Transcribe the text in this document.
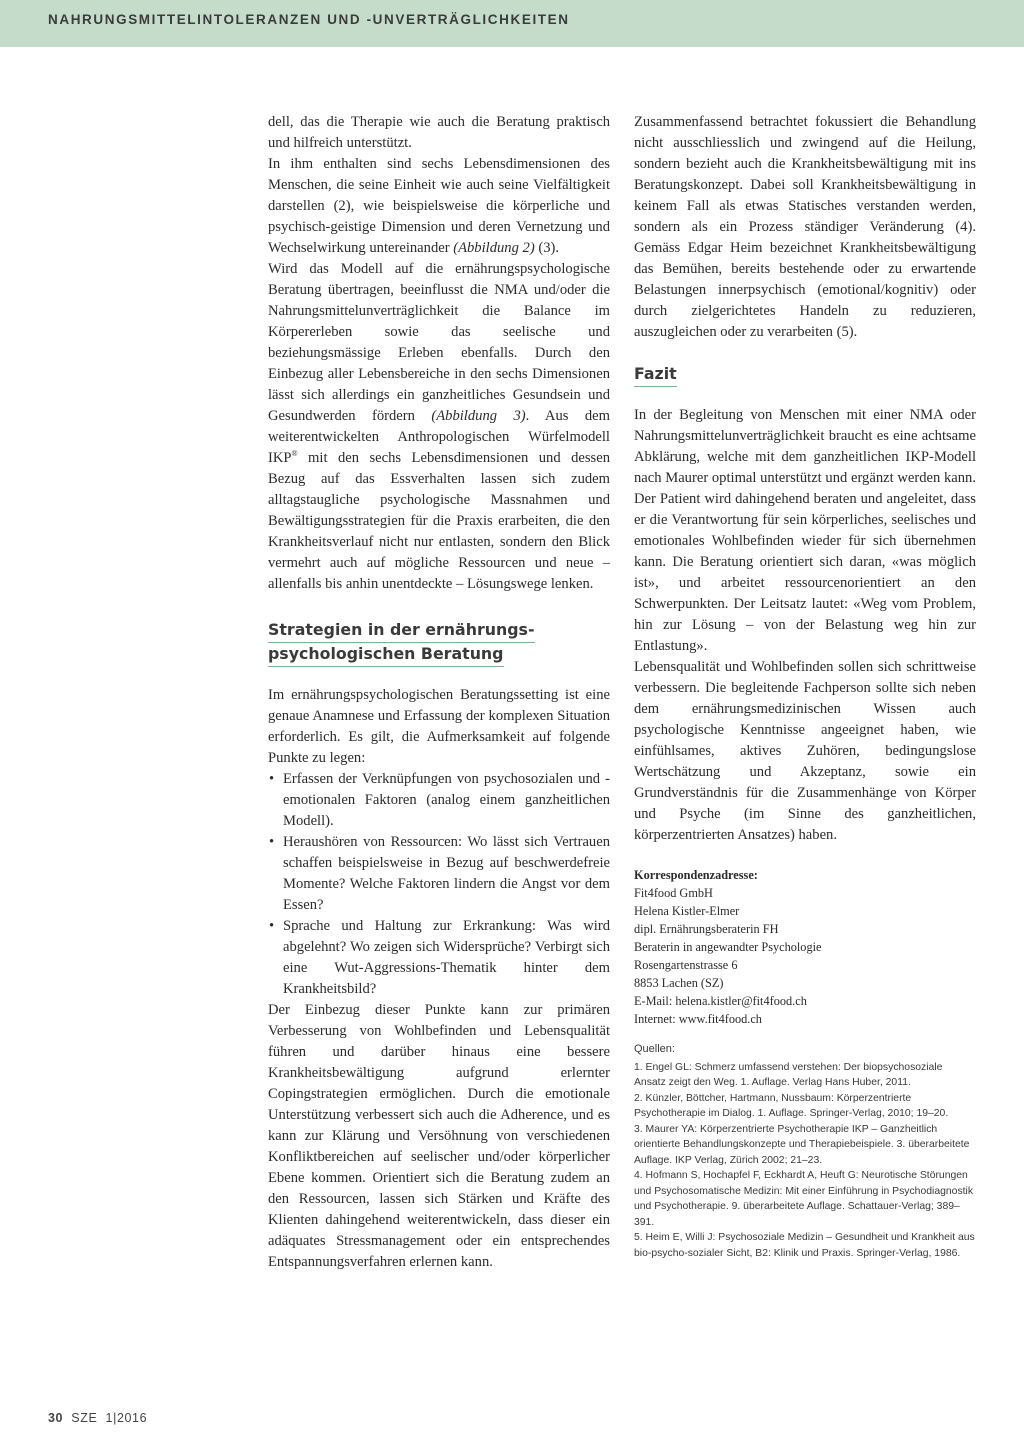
NAHRUNGSMITTELINTOLERANZEN UND -UNVERTRÄGLICHKEITEN

dell, das die Therapie wie auch die Beratung praktisch und hilfreich unterstützt.

In ihm enthalten sind sechs Lebensdimensionen des Menschen, die seine Einheit wie auch seine Vielfältigkeit darstellen (2), wie beispielsweise die körperliche und psychisch-geistige Dimension und deren Vernetzung und Wechselwirkung untereinander (Abbildung 2) (3).

Wird das Modell auf die ernährungspsychologische Beratung übertragen, beeinflusst die NMA und/oder die Nahrungsmittelunverträglichkeit die Balance im Körpererleben sowie das seelische und beziehungsmässige Erleben ebenfalls. Durch den Einbezug aller Lebensbereiche in den sechs Dimensionen lässt sich allerdings ein ganzheitliches Gesundsein und Gesundwerden fördern (Abbildung 3). Aus dem weiterentwickelten Anthropologischen Würfelmodell IKP® mit den sechs Lebensdimensionen und dessen Bezug auf das Essverhalten lassen sich zudem alltagstaugliche psychologische Massnahmen und Bewältigungsstrategien für die Praxis erarbeiten, die den Krankheitsverlauf nicht nur entlasten, sondern den Blick vermehrt auch auf mögliche Ressourcen und neue – allenfalls bis anhin unentdeckte – Lösungswege lenken.

Strategien in der ernährungs-
psychologischen Beratung

Im ernährungspsychologischen Beratungssetting ist eine genaue Anamnese und Erfassung der komplexen Situation erforderlich. Es gilt, die Aufmerksamkeit auf folgende Punkte zu legen:

• Erfassen der Verknüpfungen von psychosozialen und -emotionalen Faktoren (analog einem ganzheitlichen Modell).
• Heraushören von Ressourcen: Wo lässt sich Vertrauen schaffen beispielsweise in Bezug auf beschwerdefreie Momente? Welche Faktoren lindern die Angst vor dem Essen?
• Sprache und Haltung zur Erkrankung: Was wird abgelehnt? Wo zeigen sich Widersprüche? Verbirgt sich eine Wut-Aggressions-Thematik hinter dem Krankheitsbild?

Der Einbezug dieser Punkte kann zur primären Verbesserung von Wohlbefinden und Lebensqualität führen und darüber hinaus eine bessere Krankheitsbewältigung aufgrund erlernter Copingstrategien ermöglichen. Durch die emotionale Unterstützung verbessert sich auch die Adherence, und es kann zur Klärung und Versöhnung von verschiedenen Konfliktbereichen auf seelischer und/oder körperlicher Ebene kommen. Orientiert sich die Beratung zudem an den Ressourcen, lassen sich Stärken und Kräfte des Klienten dahingehend weiterentwickeln, dass dieser ein adäquates Stressmanagement oder ein entsprechendes Entspannungsverfahren erlernen kann.

Zusammenfassend betrachtet fokussiert die Behandlung nicht ausschliesslich und zwingend auf die Heilung, sondern bezieht auch die Krankheitsbewältigung mit ins Beratungskonzept. Dabei soll Krankheitsbewältigung in keinem Fall als etwas Statisches verstanden werden, sondern als ein Prozess ständiger Veränderung (4). Gemäss Edgar Heim bezeichnet Krankheitsbewältigung das Bemühen, bereits bestehende oder zu erwartende Belastungen innerpsychisch (emotional/kognitiv) oder durch zielgerichtetes Handeln zu reduzieren, auszugleichen oder zu verarbeiten (5).

Fazit

In der Begleitung von Menschen mit einer NMA oder Nahrungsmittelunverträglichkeit braucht es eine achtsame Abklärung, welche mit dem ganzheitlichen IKP-Modell nach Maurer optimal unterstützt und ergänzt werden kann. Der Patient wird dahingehend beraten und angeleitet, dass er die Verantwortung für sein körperliches, seelisches und emotionales Wohlbefinden wieder für sich übernehmen kann. Die Beratung orientiert sich daran, «was möglich ist», und arbeitet ressourcenorientiert an den Schwerpunkten. Der Leitsatz lautet: «Weg vom Problem, hin zur Lösung – von der Belastung weg hin zur Entlastung».

Lebensqualität und Wohlbefinden sollen sich schrittweise verbessern. Die begleitende Fachperson sollte sich neben dem ernährungsmedizinischen Wissen auch psychologische Kenntnisse angeeignet haben, wie einfühlsames, aktives Zuhören, bedingungslose Wertschätzung und Akzeptanz, sowie ein Grundverständnis für die Zusammenhänge von Körper und Psyche (im Sinne des ganzheitlichen, körperzentrierten Ansatzes) haben.

Korrespondenzadresse:
Fit4food GmbH
Helena Kistler-Elmer
dipl. Ernährungsberaterin FH
Beraterin in angewandter Psychologie
Rosengartenstrasse 6
8853 Lachen (SZ)
E-Mail: helena.kistler@fit4food.ch
Internet: www.fit4food.ch
Quellen:
1. Engel GL: Schmerz umfassend verstehen: Der biopsychosoziale Ansatz zeigt den Weg. 1. Auflage. Verlag Hans Huber, 2011.
2. Künzler, Böttcher, Hartmann, Nussbaum: Körperzentrierte Psychotherapie im Dialog. 1. Auflage. Springer-Verlag, 2010; 19–20.
3. Maurer YA: Körperzentrierte Psychotherapie IKP – Ganzheitlich orientierte Behandlungskonzepte und Therapiebeispiele. 3. überarbeitete Auflage. IKP Verlag, Zürich 2002; 21–23.
4. Hofmann S, Hochapfel F, Eckhardt A, Heuft G: Neurotische Störungen und Psychosomatische Medizin: Mit einer Einführung in Psychodiagnostik und Psychotherapie. 9. überarbeitete Auflage. Schattauer-Verlag; 389–391.
5. Heim E, Willi J: Psychosoziale Medizin – Gesundheit und Krankheit aus bio-psycho-sozialer Sicht, B2: Klinik und Praxis. Springer-Verlag, 1986.
30 SZE 1|2016
